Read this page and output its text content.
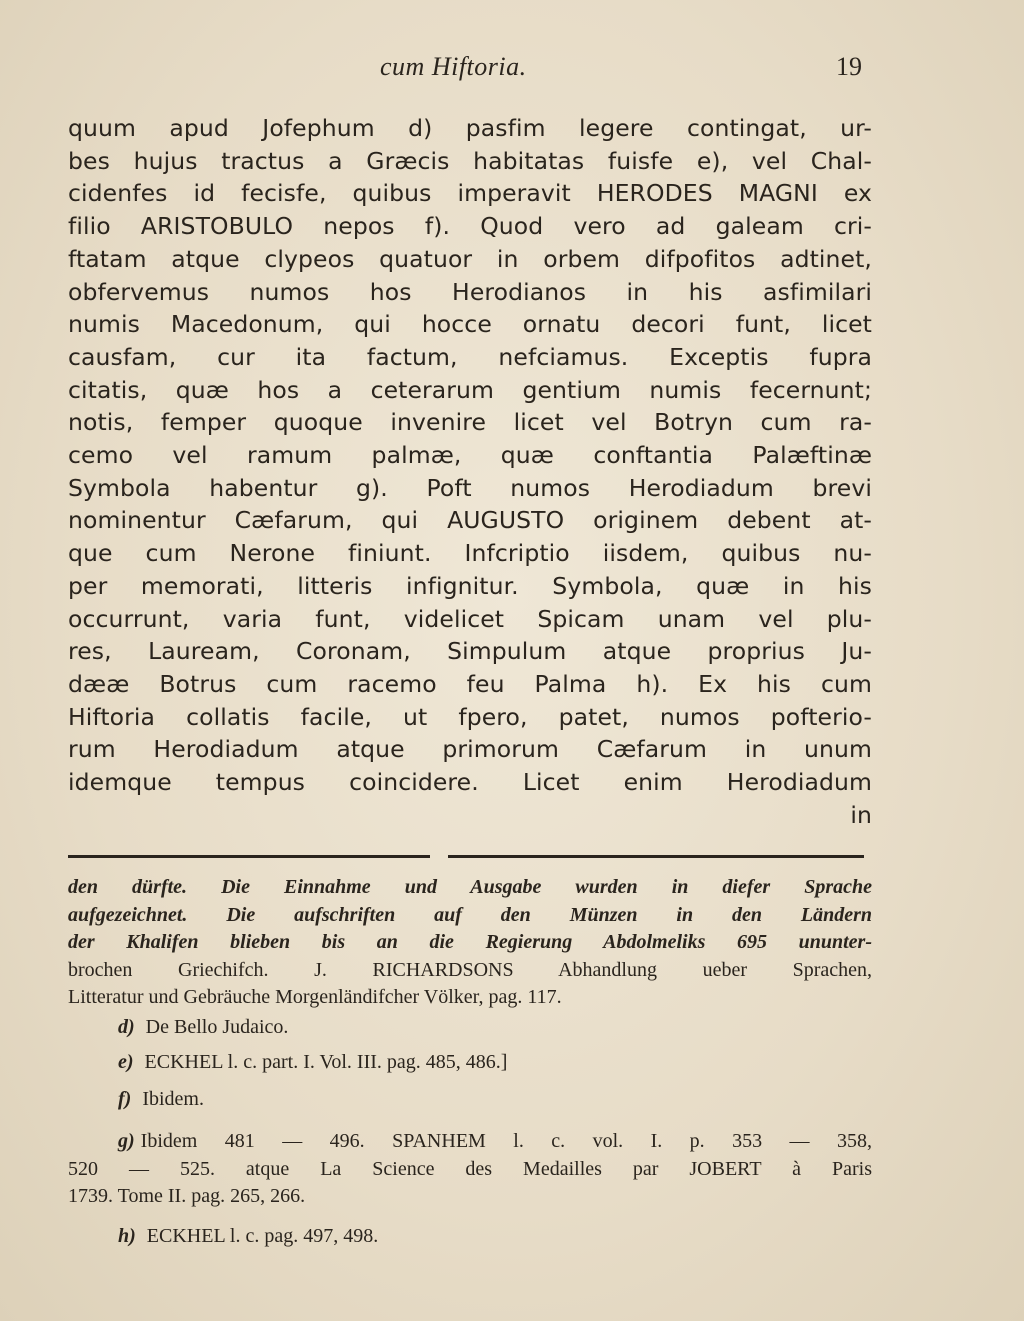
cum Hiftoria.	19
quum apud Jofephum d) pasfim legere contingat, ur-
bes hujus tractus a Græcis habitatas fuisfe e), vel Chal-
cidenfes id fecisfe, quibus imperavit HERODES MAGNI ex
filio ARISTOBULO nepos f). Quod vero ad galeam cri-
ftatam atque clypeos quatuor in orbem difpofitos adtinet,
obfervemus numos hos Herodianos in his asfimilari
numis Macedonum, qui hocce ornatu decori funt, licet
causfam, cur ita factum, nefciamus. Exceptis fupra
citatis, quæ hos a ceterarum gentium numis fecernunt;
notis, femper quoque invenire licet vel Botryn cum ra-
cemo vel ramum palmæ, quæ conftantia Palæftinæ
Symbola habentur g). Poft numos Herodiadum brevi
nominentur Cæfarum, qui AUGUSTO originem debent at-
que cum Nerone finiunt. Infcriptio iisdem, quibus nu-
per memorati, litteris infignitur. Symbola, quæ in his
occurrunt, varia funt, videlicet Spicam unam vel plu-
res, Lauream, Coronam, Simpulum atque proprius Ju-
dææ Botrus cum racemo feu Palma h). Ex his cum
Hiftoria collatis facile, ut fpero, patet, numos pofterio-
rum Herodiadum atque primorum Cæfarum in unum
idemque tempus coincidere. Licet enim Herodiadum
in
den dürfte. Die Einnahme und Ausgabe wurden in diefer Sprache
aufgezeichnet. Die aufschriften auf den Münzen in den Ländern
der Khalifen blieben bis an die Regierung Abdolmeliks 695 ununter-
brochen Griechifch. J. RICHARDSONS Abhandlung ueber Sprachen,
Litteratur und Gebräuche Morgenländifcher Völker, pag. 117.
d) De Bello Judaico.
e) ECKHEL l. c. part. I. Vol. III. pag. 485, 486.]
f) Ibidem.
g) Ibidem 481 — 496. SPANHEM l. c. vol. I. p. 353 — 358,
520 — 525. atque La Science des Medailles par JOBERT à Paris
1739. Tome II. pag. 265, 266.
h) ECKHEL l. c. pag. 497, 498.
